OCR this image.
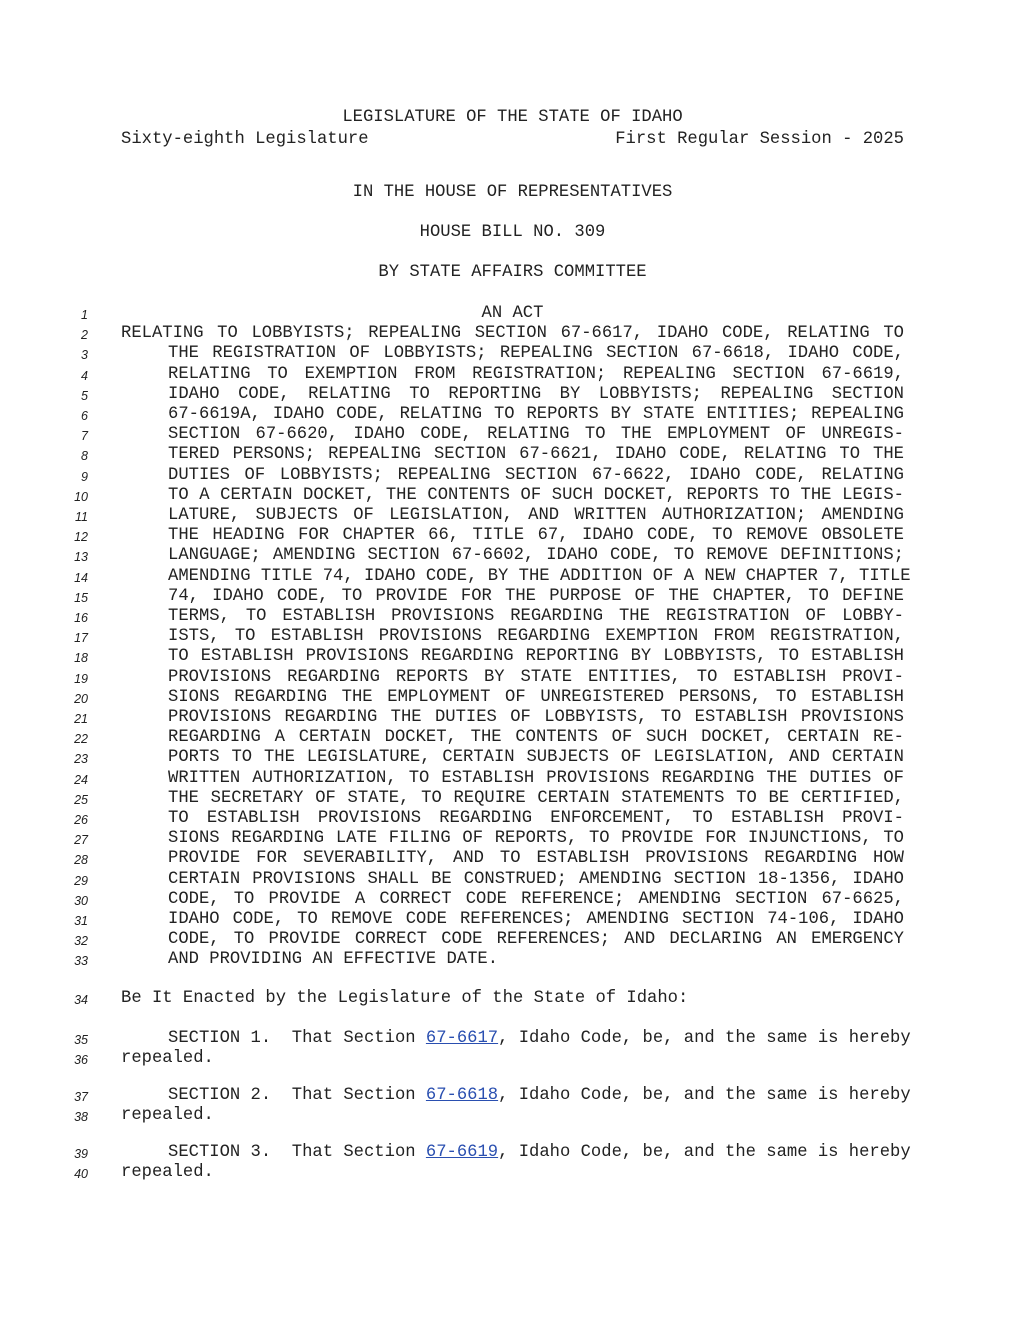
LEGISLATURE OF THE STATE OF IDAHO
Sixty-eighth Legislature	First Regular Session - 2025
IN THE HOUSE OF REPRESENTATIVES
HOUSE BILL NO. 309
BY STATE AFFAIRS COMMITTEE
1
2
3
4
5
6
7
8
9
10
11
12
13
14
15
16
17
18
19
20
21
22
23
24
25
26
27
28
29
30
31
32
33
34
35
36
37
38
39
40
AN ACT
RELATING TO LOBBYISTS; REPEALING SECTION 67-6617, IDAHO CODE, RELATING TO
THE REGISTRATION OF LOBBYISTS; REPEALING SECTION 67-6618, IDAHO CODE,
RELATING TO EXEMPTION FROM REGISTRATION; REPEALING SECTION 67-6619,
IDAHO CODE, RELATING TO REPORTING BY LOBBYISTS; REPEALING SECTION
67-6619A, IDAHO CODE, RELATING TO REPORTS BY STATE ENTITIES; REPEALING
SECTION 67-6620, IDAHO CODE, RELATING TO THE EMPLOYMENT OF UNREGIS-
TERED PERSONS; REPEALING SECTION 67-6621, IDAHO CODE, RELATING TO THE
DUTIES OF LOBBYISTS; REPEALING SECTION 67-6622, IDAHO CODE, RELATING
TO A CERTAIN DOCKET, THE CONTENTS OF SUCH DOCKET, REPORTS TO THE LEGIS-
LATURE, SUBJECTS OF LEGISLATION, AND WRITTEN AUTHORIZATION; AMENDING
THE HEADING FOR CHAPTER 66, TITLE 67, IDAHO CODE, TO REMOVE OBSOLETE
LANGUAGE; AMENDING SECTION 67-6602, IDAHO CODE, TO REMOVE DEFINITIONS;
AMENDING TITLE 74, IDAHO CODE, BY THE ADDITION OF A NEW CHAPTER 7, TITLE
74, IDAHO CODE, TO PROVIDE FOR THE PURPOSE OF THE CHAPTER, TO DEFINE
TERMS, TO ESTABLISH PROVISIONS REGARDING THE REGISTRATION OF LOBBY-
ISTS, TO ESTABLISH PROVISIONS REGARDING EXEMPTION FROM REGISTRATION,
TO ESTABLISH PROVISIONS REGARDING REPORTING BY LOBBYISTS, TO ESTABLISH
PROVISIONS REGARDING REPORTS BY STATE ENTITIES, TO ESTABLISH PROVI-
SIONS REGARDING THE EMPLOYMENT OF UNREGISTERED PERSONS, TO ESTABLISH
PROVISIONS REGARDING THE DUTIES OF LOBBYISTS, TO ESTABLISH PROVISIONS
REGARDING A CERTAIN DOCKET, THE CONTENTS OF SUCH DOCKET, CERTAIN RE-
PORTS TO THE LEGISLATURE, CERTAIN SUBJECTS OF LEGISLATION, AND CERTAIN
WRITTEN AUTHORIZATION, TO ESTABLISH PROVISIONS REGARDING THE DUTIES OF
THE SECRETARY OF STATE, TO REQUIRE CERTAIN STATEMENTS TO BE CERTIFIED,
TO ESTABLISH PROVISIONS REGARDING ENFORCEMENT, TO ESTABLISH PROVI-
SIONS REGARDING LATE FILING OF REPORTS, TO PROVIDE FOR INJUNCTIONS, TO
PROVIDE FOR SEVERABILITY, AND TO ESTABLISH PROVISIONS REGARDING HOW
CERTAIN PROVISIONS SHALL BE CONSTRUED; AMENDING SECTION 18-1356, IDAHO
CODE, TO PROVIDE A CORRECT CODE REFERENCE; AMENDING SECTION 67-6625,
IDAHO CODE, TO REMOVE CODE REFERENCES; AMENDING SECTION 74-106, IDAHO
CODE, TO PROVIDE CORRECT CODE REFERENCES; AND DECLARING AN EMERGENCY
AND PROVIDING AN EFFECTIVE DATE.
Be It Enacted by the Legislature of the State of Idaho:
SECTION 1. That Section 67-6617, Idaho Code, be, and the same is hereby
repealed.
SECTION 2. That Section 67-6618, Idaho Code, be, and the same is hereby
repealed.
SECTION 3. That Section 67-6619, Idaho Code, be, and the same is hereby
repealed.
